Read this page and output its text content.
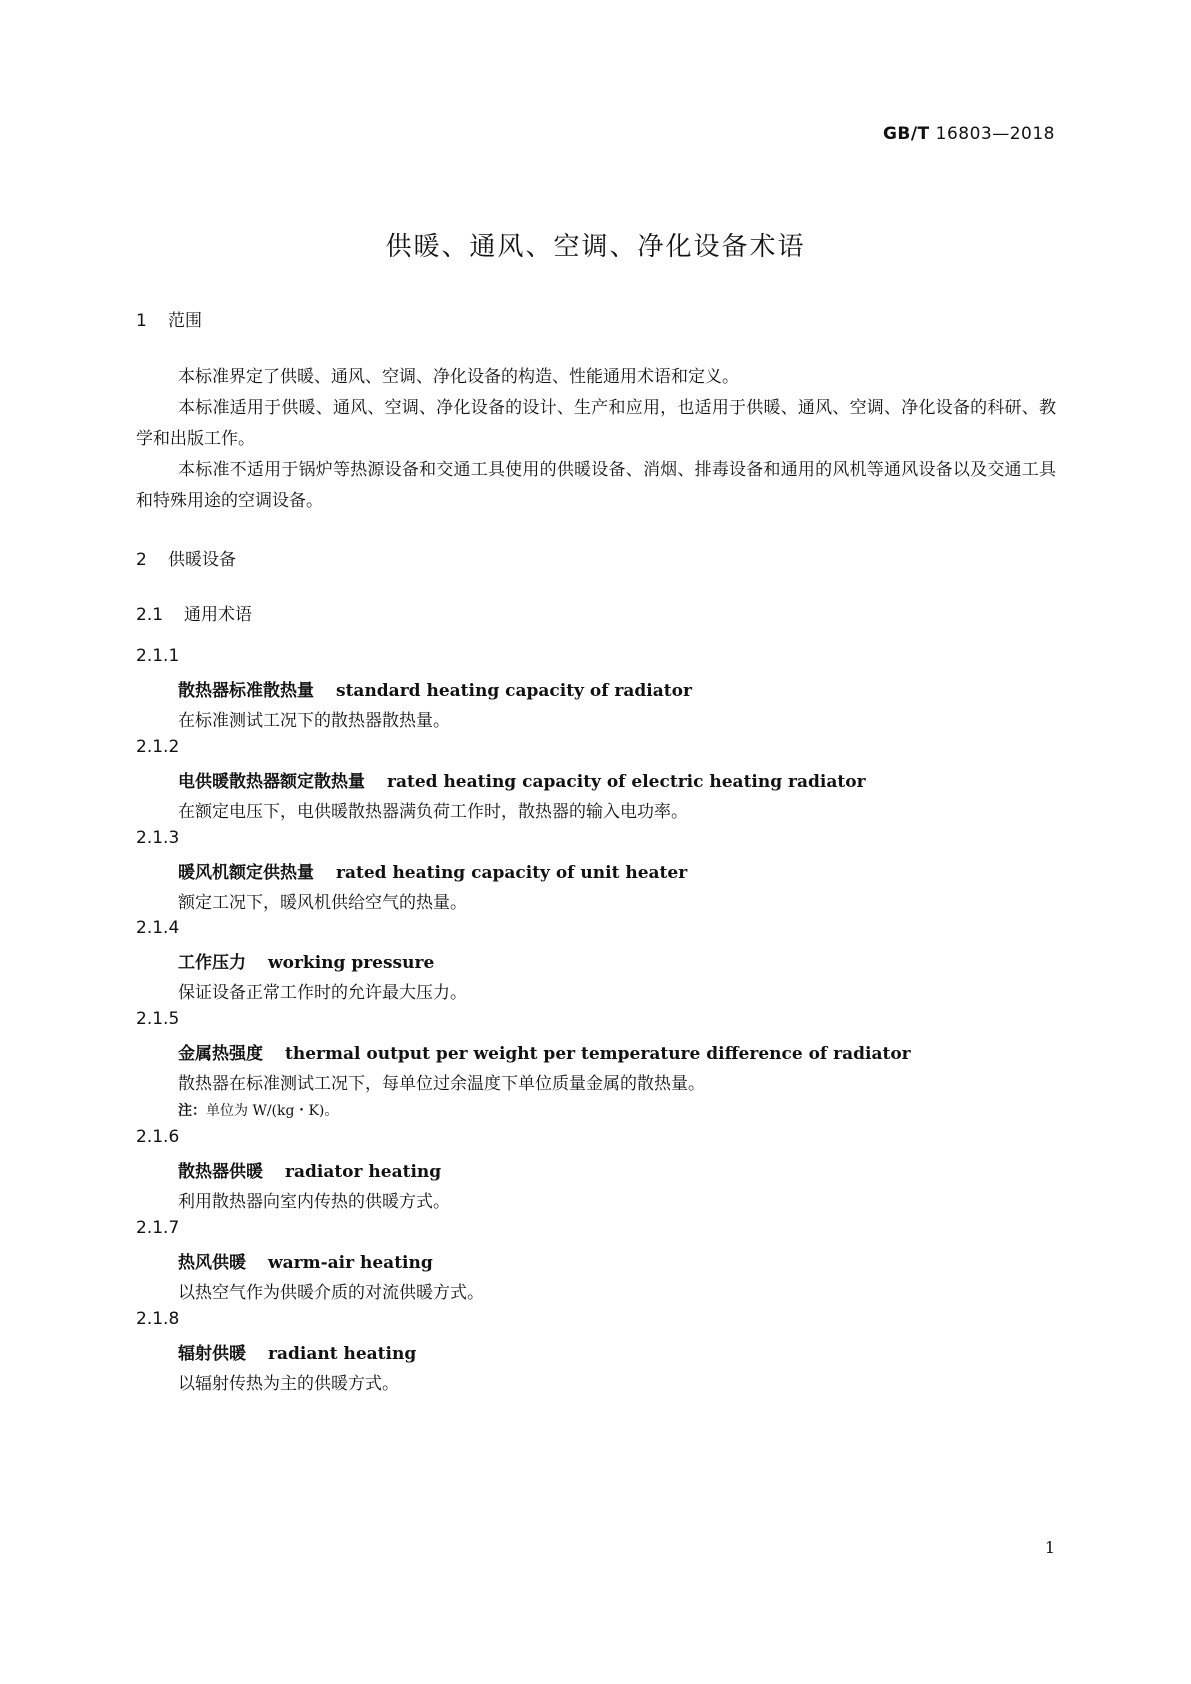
GB/T 16803—2018
供暖、通风、空调、净化设备术语
1 范围

本标准界定了供暖、通风、空调、净化设备的构造、性能通用术语和定义。

本标准适用于供暖、通风、空调、净化设备的设计、生产和应用，也适用于供暖、通风、空调、净化设备的科研、教学和出版工作。

本标准不适用于锅炉等热源设备和交通工具使用的供暖设备、消烟、排毒设备和通用的风机等通风设备以及交通工具和特殊用途的空调设备。

2 供暖设备
2.1 通用术语
2.1.1
散热器标准散热量 standard heating capacity of radiator
在标准测试工况下的散热器散热量。
2.1.2
电供暖散热器额定散热量 rated heating capacity of electric heating radiator
在额定电压下，电供暖散热器满负荷工作时，散热器的输入电功率。
2.1.3
暖风机额定供热量 rated heating capacity of unit heater
额定工况下，暖风机供给空气的热量。
2.1.4
工作压力 working pressure
保证设备正常工作时的允许最大压力。
2.1.5
金属热强度 thermal output per weight per temperature difference of radiator
散热器在标准测试工况下，每单位过余温度下单位质量金属的散热量。
注：单位为 W/(kg・K)。
2.1.6
散热器供暖 radiator heating
利用散热器向室内传热的供暖方式。
2.1.7
热风供暖 warm-air heating
以热空气作为供暖介质的对流供暖方式。
2.1.8
辐射供暖 radiant heating
以辐射传热为主的供暖方式。
1
